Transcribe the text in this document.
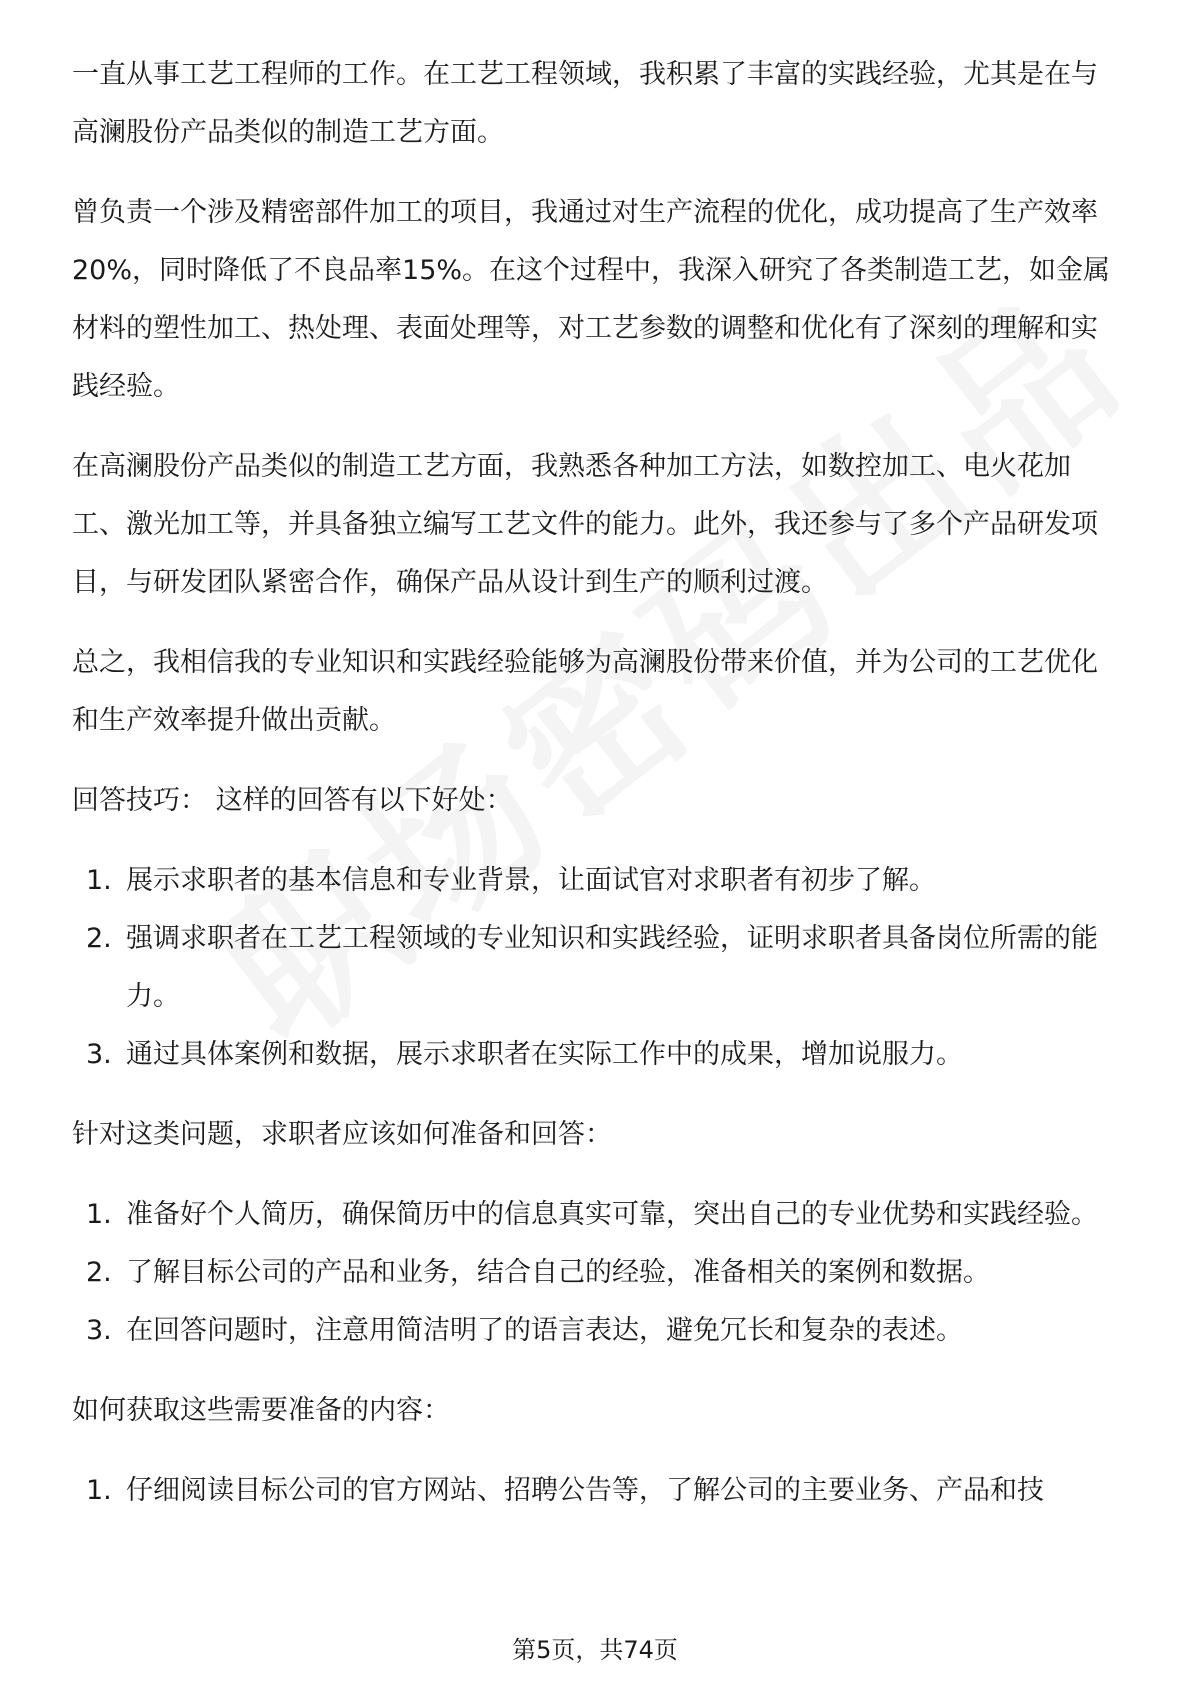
一直从事工艺工程师的工作。在工艺工程领域，我积累了丰富的实践经验，尤其是在与高澜股份产品类似的制造工艺方面。

曾负责一个涉及精密部件加工的项目，我通过对生产流程的优化，成功提高了生产效率20%，同时降低了不良品率15%。在这个过程中，我深入研究了各类制造工艺，如金属材料的塑性加工、热处理、表面处理等，对工艺参数的调整和优化有了深刻的理解和实践经验。

在高澜股份产品类似的制造工艺方面，我熟悉各种加工方法，如数控加工、电火花加工、激光加工等，并具备独立编写工艺文件的能力。此外，我还参与了多个产品研发项目，与研发团队紧密合作，确保产品从设计到生产的顺利过渡。

总之，我相信我的专业知识和实践经验能够为高澜股份带来价值，并为公司的工艺优化和生产效率提升做出贡献。

回答技巧： 这样的回答有以下好处：

1. 展示求职者的基本信息和专业背景，让面试官对求职者有初步了解。
2. 强调求职者在工艺工程领域的专业知识和实践经验，证明求职者具备岗位所需的能力。
3. 通过具体案例和数据，展示求职者在实际工作中的成果，增加说服力。

针对这类问题，求职者应该如何准备和回答：

1. 准备好个人简历，确保简历中的信息真实可靠，突出自己的专业优势和实践经验。
2. 了解目标公司的产品和业务，结合自己的经验，准备相关的案例和数据。
3. 在回答问题时，注意用简洁明了的语言表达，避免冗长和复杂的表述。

如何获取这些需要准备的内容：

1. 仔细阅读目标公司的官方网站、招聘公告等，了解公司的主要业务、产品和技
第5页，共74页
